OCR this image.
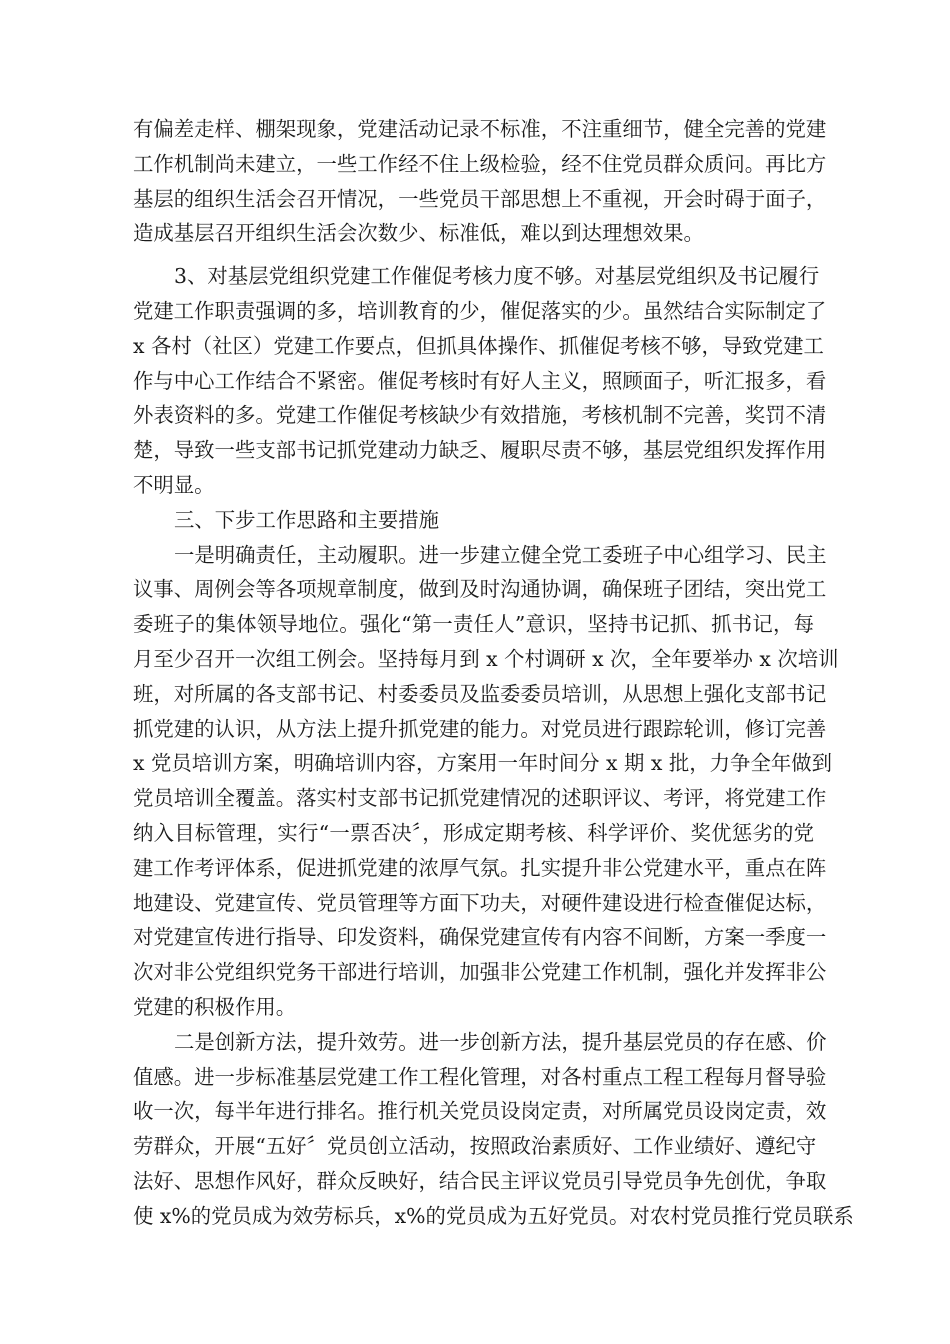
有偏差走样、棚架现象，党建活动记录不标准，不注重细节，健全完善的党建
工作机制尚未建立，一些工作经不住上级检验，经不住党员群众质问。再比方
基层的组织生活会召开情况，一些党员干部思想上不重视，开会时碍于面子，
造成基层召开组织生活会次数少、标准低，难以到达理想效果。
3、对基层党组织党建工作催促考核力度不够。对基层党组织及书记履行
党建工作职责强调的多，培训教育的少，催促落实的少。虽然结合实际制定了
x 各村（社区）党建工作要点，但抓具体操作、抓催促考核不够，导致党建工
作与中心工作结合不紧密。催促考核时有好人主义，照顾面子，听汇报多，看
外表资料的多。党建工作催促考核缺少有效措施，考核机制不完善，奖罚不清
楚，导致一些支部书记抓党建动力缺乏、履职尽责不够，基层党组织发挥作用
不明显。
三、下步工作思路和主要措施
一是明确责任，主动履职。进一步建立健全党工委班子中心组学习、民主
议事、周例会等各项规章制度，做到及时沟通协调，确保班子团结，突出党工
委班子的集体领导地位。强化“第一责任人”意识，坚持书记抓、抓书记，每
月至少召开一次组工例会。坚持每月到 x 个村调研 x 次，全年要举办 x 次培训
班，对所属的各支部书记、村委委员及监委委员培训，从思想上强化支部书记
抓党建的认识，从方法上提升抓党建的能力。对党员进行跟踪轮训，修订完善
x 党员培训方案，明确培训内容，方案用一年时间分 x 期 x 批，力争全年做到
党员培训全覆盖。落实村支部书记抓党建情况的述职评议、考评，将党建工作
纳入目标管理，实行“一票否决〞，形成定期考核、科学评价、奖优惩劣的党
建工作考评体系，促进抓党建的浓厚气氛。扎实提升非公党建水平，重点在阵
地建设、党建宣传、党员管理等方面下功夫，对硬件建设进行检查催促达标，
对党建宣传进行指导、印发资料，确保党建宣传有内容不间断，方案一季度一
次对非公党组织党务干部进行培训，加强非公党建工作机制，强化并发挥非公
党建的积极作用。
二是创新方法，提升效劳。进一步创新方法，提升基层党员的存在感、价
值感。进一步标准基层党建工作工程化管理，对各村重点工程工程每月督导验
收一次，每半年进行排名。推行机关党员设岗定责，对所属党员设岗定责，效
劳群众，开展“五好〞党员创立活动，按照政治素质好、工作业绩好、遵纪守
法好、思想作风好，群众反映好，结合民主评议党员引导党员争先创优，争取
使 x%的党员成为效劳标兵，x%的党员成为五好党员。对农村党员推行党员联系
